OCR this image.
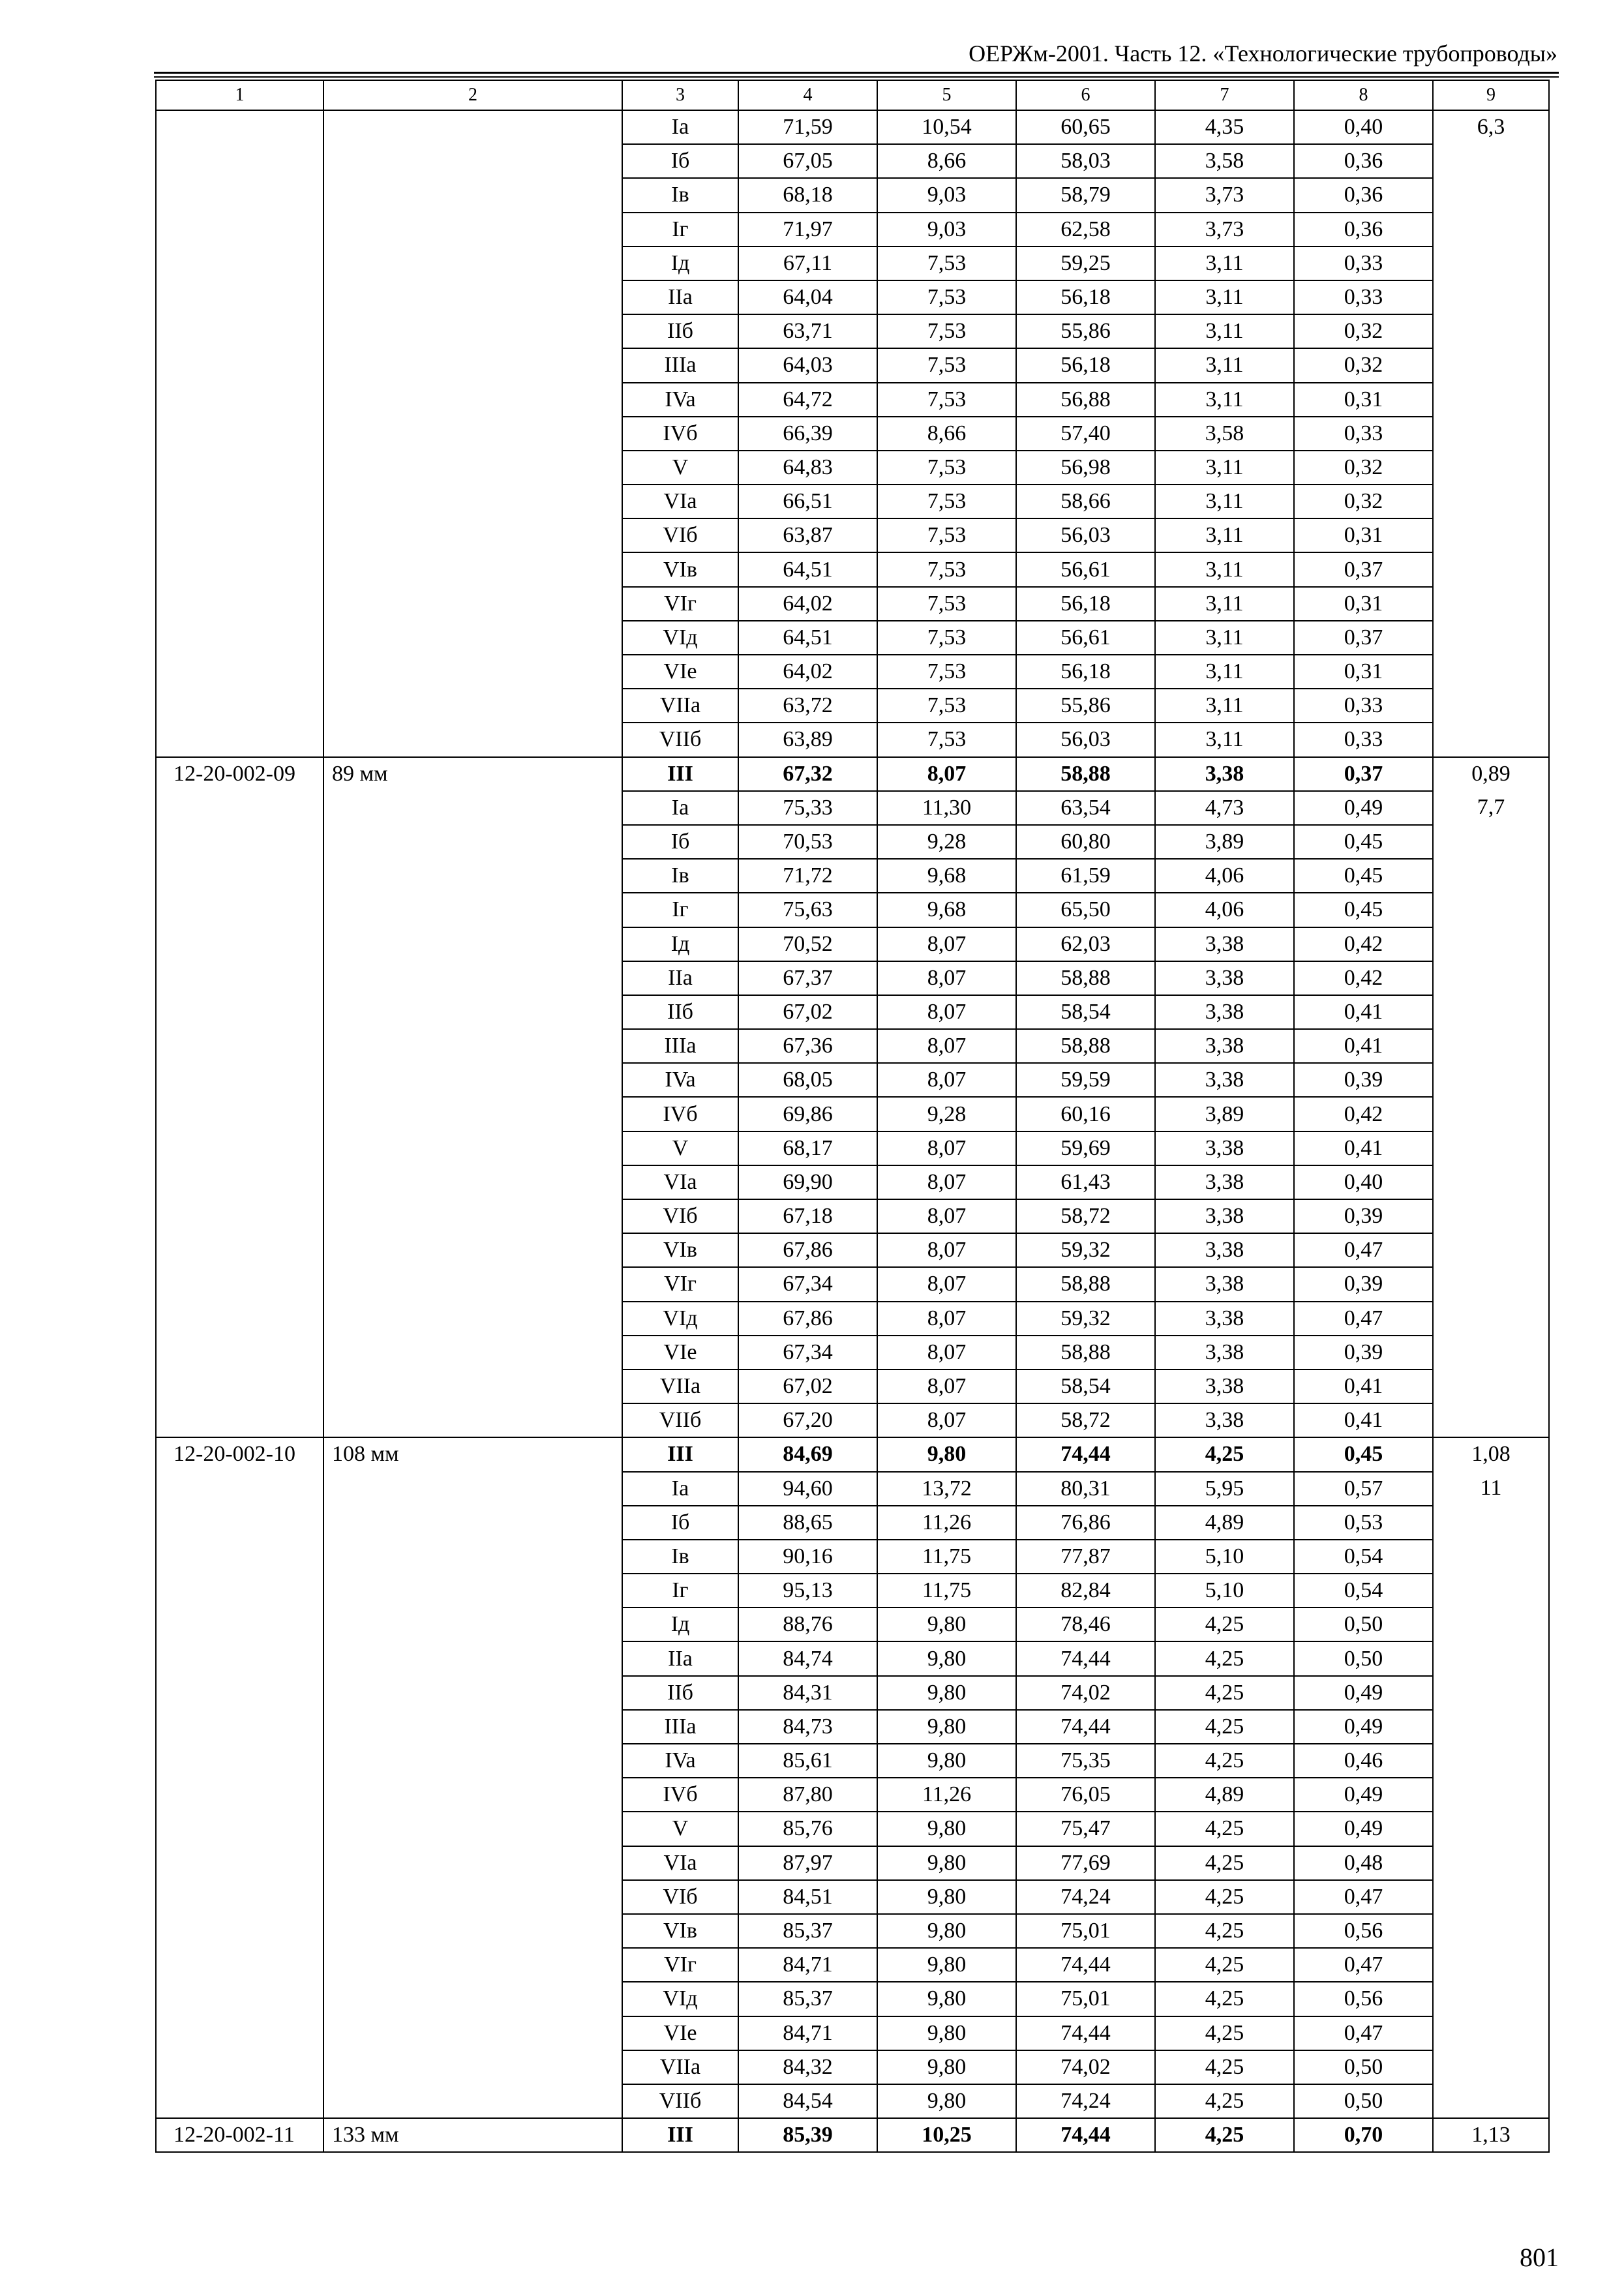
ОЕРЖм-2001. Часть 12. «Технологические трубопроводы»
1	2	3	4	5	6	7	8	9
		Ia	71,59	10,54	60,65	4,35	0,40	6,3
		Iб	67,05	8,66	58,03	3,58	0,36	
		Iв	68,18	9,03	58,79	3,73	0,36	
		Iг	71,97	9,03	62,58	3,73	0,36	
		Iд	67,11	7,53	59,25	3,11	0,33	
		IIa	64,04	7,53	56,18	3,11	0,33	
		IIб	63,71	7,53	55,86	3,11	0,32	
		IIIa	64,03	7,53	56,18	3,11	0,32	
		IVa	64,72	7,53	56,88	3,11	0,31	
		IVб	66,39	8,66	57,40	3,58	0,33	
		V	64,83	7,53	56,98	3,11	0,32	
		VIa	66,51	7,53	58,66	3,11	0,32	
		VIб	63,87	7,53	56,03	3,11	0,31	
		VIв	64,51	7,53	56,61	3,11	0,37	
		VIг	64,02	7,53	56,18	3,11	0,31	
		VIд	64,51	7,53	56,61	3,11	0,37	
		VIe	64,02	7,53	56,18	3,11	0,31	
		VIIa	63,72	7,53	55,86	3,11	0,33	
		VIIб	63,89	7,53	56,03	3,11	0,33	
12-20-002-09	89 мм	III	67,32	8,07	58,88	3,38	0,37	0,89
		Ia	75,33	11,30	63,54	4,73	0,49	7,7
		Iб	70,53	9,28	60,80	3,89	0,45	
		Iв	71,72	9,68	61,59	4,06	0,45	
		Iг	75,63	9,68	65,50	4,06	0,45	
		Iд	70,52	8,07	62,03	3,38	0,42	
		IIa	67,37	8,07	58,88	3,38	0,42	
		IIб	67,02	8,07	58,54	3,38	0,41	
		IIIa	67,36	8,07	58,88	3,38	0,41	
		IVa	68,05	8,07	59,59	3,38	0,39	
		IVб	69,86	9,28	60,16	3,89	0,42	
		V	68,17	8,07	59,69	3,38	0,41	
		VIa	69,90	8,07	61,43	3,38	0,40	
		VIб	67,18	8,07	58,72	3,38	0,39	
		VIв	67,86	8,07	59,32	3,38	0,47	
		VIг	67,34	8,07	58,88	3,38	0,39	
		VIд	67,86	8,07	59,32	3,38	0,47	
		VIe	67,34	8,07	58,88	3,38	0,39	
		VIIa	67,02	8,07	58,54	3,38	0,41	
		VIIб	67,20	8,07	58,72	3,38	0,41	
12-20-002-10	108 мм	III	84,69	9,80	74,44	4,25	0,45	1,08
		Ia	94,60	13,72	80,31	5,95	0,57	11
		Iб	88,65	11,26	76,86	4,89	0,53	
		Iв	90,16	11,75	77,87	5,10	0,54	
		Iг	95,13	11,75	82,84	5,10	0,54	
		Iд	88,76	9,80	78,46	4,25	0,50	
		IIa	84,74	9,80	74,44	4,25	0,50	
		IIб	84,31	9,80	74,02	4,25	0,49	
		IIIa	84,73	9,80	74,44	4,25	0,49	
		IVa	85,61	9,80	75,35	4,25	0,46	
		IVб	87,80	11,26	76,05	4,89	0,49	
		V	85,76	9,80	75,47	4,25	0,49	
		VIa	87,97	9,80	77,69	4,25	0,48	
		VIб	84,51	9,80	74,24	4,25	0,47	
		VIв	85,37	9,80	75,01	4,25	0,56	
		VIг	84,71	9,80	74,44	4,25	0,47	
		VIд	85,37	9,80	75,01	4,25	0,56	
		VIe	84,71	9,80	74,44	4,25	0,47	
		VIIa	84,32	9,80	74,02	4,25	0,50	
		VIIб	84,54	9,80	74,24	4,25	0,50	
12-20-002-11	133 мм	III	85,39	10,25	74,44	4,25	0,70	1,13
801
